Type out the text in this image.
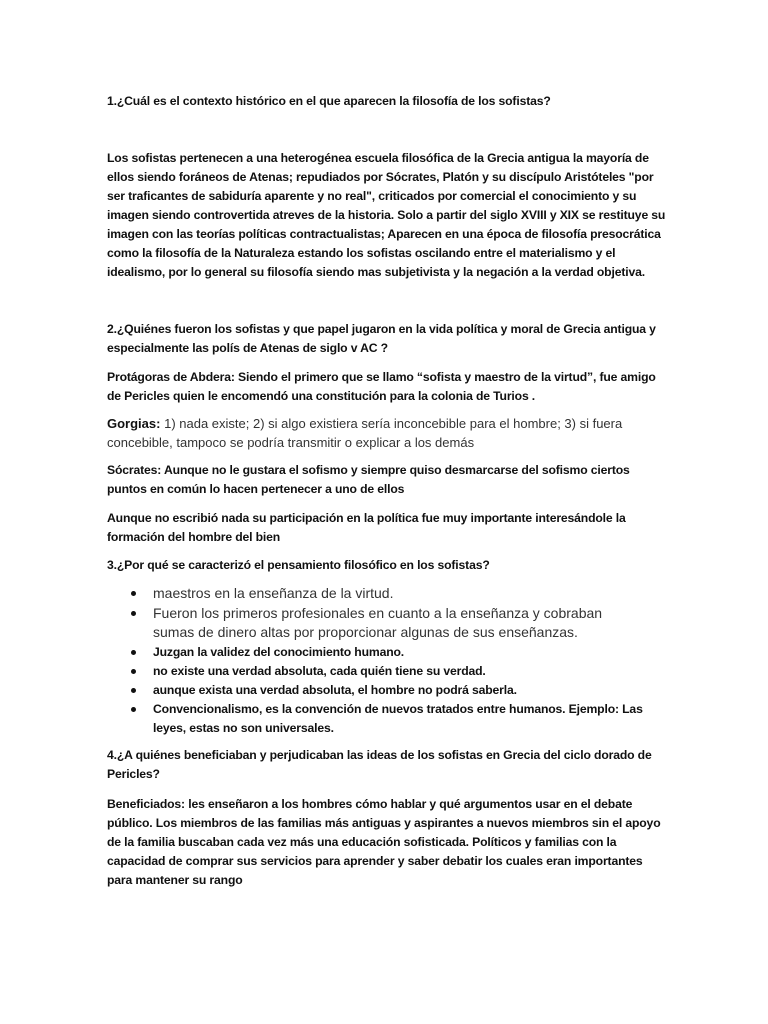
1.¿Cuál es el contexto histórico en el que aparecen la filosofía de los sofistas?

Los sofistas pertenecen a una heterogénea escuela filosófica de la Grecia antigua la mayoría de ellos siendo foráneos de Atenas; repudiados por Sócrates, Platón y su discípulo Aristóteles "por ser traficantes de sabiduría aparente y no real", criticados por comercial el conocimiento y su imagen siendo controvertida atreves de la historia. Solo a partir del siglo XVIII y XIX se restituye su imagen con las teorías políticas contractualistas; Aparecen en una época de filosofía presocrática como la filosofía de la Naturaleza estando los sofistas oscilando entre el materialismo y el idealismo, por lo general su filosofía siendo mas subjetivista y la negación a la verdad objetiva.

2.¿Quiénes fueron los sofistas y que papel jugaron en la vida política y moral de Grecia antigua y especialmente las polís de Atenas de siglo v AC ?

Protágoras de Abdera: Siendo el primero que se llamo “sofista y maestro de la virtud”, fue amigo de Pericles quien le encomendó una constitución para la colonia de Turios .

Gorgias: 1) nada existe; 2) si algo existiera sería inconcebible para el hombre; 3) si fuera concebible, tampoco se podría transmitir o explicar a los demás

Sócrates: Aunque no le gustara el sofismo y siempre quiso desmarcarse del sofismo ciertos puntos en común lo hacen pertenecer a uno de ellos

Aunque no escribió nada su participación en la política fue muy importante interesándole la formación del hombre del bien

3.¿Por qué se caracterizó el pensamiento filosófico en los sofistas?

maestros en la enseñanza de la virtud.
Fueron los primeros profesionales en cuanto a la enseñanza y cobraban sumas de dinero altas por proporcionar algunas de sus enseñanzas.
Juzgan la validez del conocimiento humano.
no existe una verdad absoluta, cada quién tiene su verdad.
aunque exista una verdad absoluta, el hombre no podrá saberla.
Convencionalismo, es la convención de nuevos tratados entre humanos. Ejemplo: Las leyes, estas no son universales.

4.¿A quiénes beneficiaban y perjudicaban las ideas de los sofistas en Grecia del ciclo dorado de Pericles?

Beneficiados: les enseñaron a los hombres cómo hablar y qué argumentos usar en el debate público. Los miembros de las familias más antiguas y aspirantes a nuevos miembros sin el apoyo de la familia buscaban cada vez más una educación sofisticada. Políticos y familias con la capacidad de comprar sus servicios para aprender y saber debatir los cuales eran importantes para mantener su rango
